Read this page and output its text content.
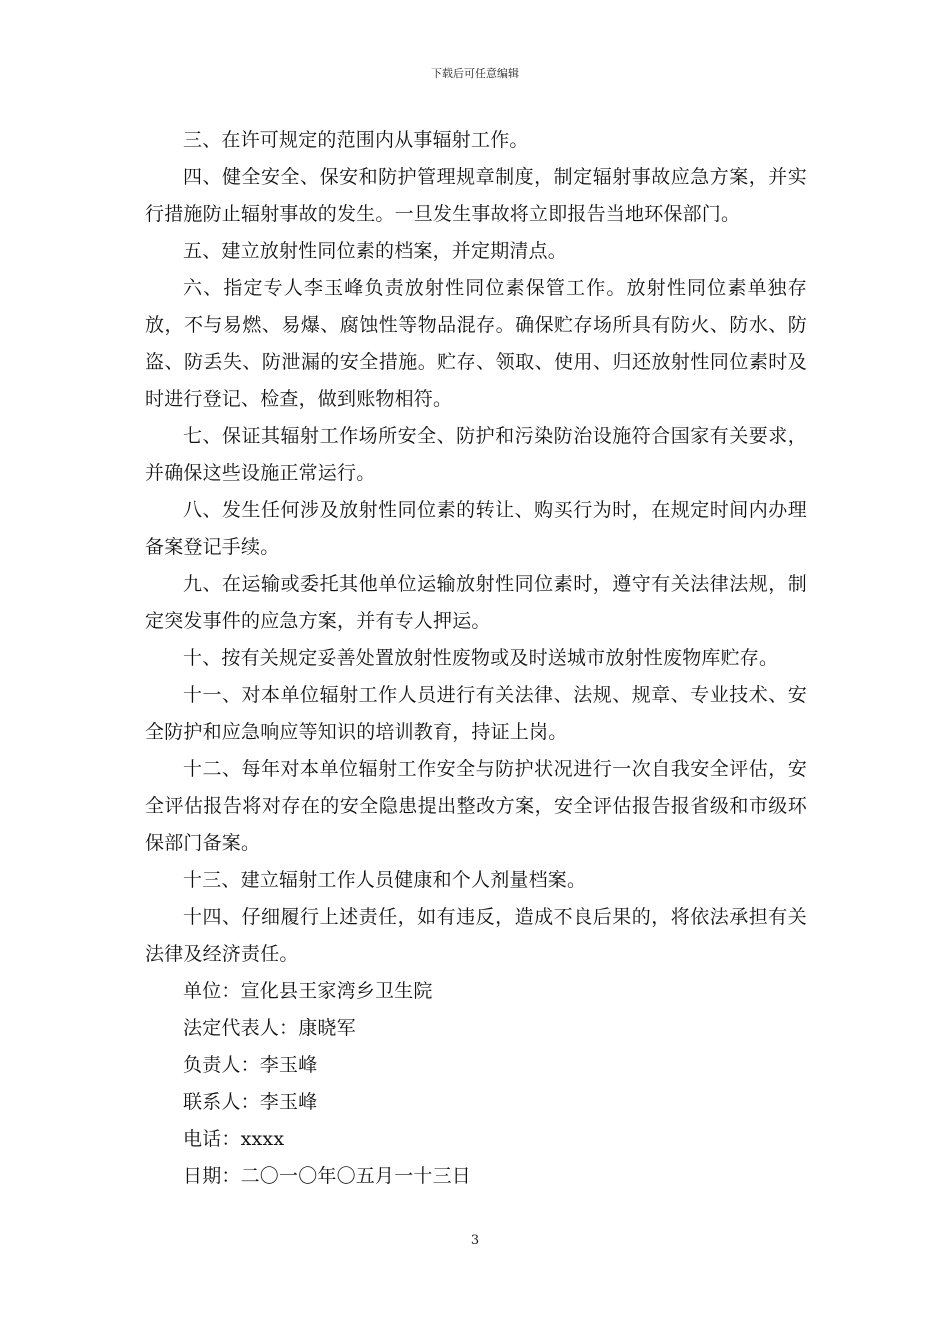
下载后可任意编辑

三、在许可规定的范围内从事辐射工作。

四、健全安全、保安和防护管理规章制度，制定辐射事故应急方案，并实行措施防止辐射事故的发生。一旦发生事故将立即报告当地环保部门。

五、建立放射性同位素的档案，并定期清点。

六、指定专人李玉峰负责放射性同位素保管工作。放射性同位素单独存放，不与易燃、易爆、腐蚀性等物品混存。确保贮存场所具有防火、防水、防盗、防丢失、防泄漏的安全措施。贮存、领取、使用、归还放射性同位素时及时进行登记、检查，做到账物相符。

七、保证其辐射工作场所安全、防护和污染防治设施符合国家有关要求，并确保这些设施正常运行。

八、发生任何涉及放射性同位素的转让、购买行为时，在规定时间内办理备案登记手续。

九、在运输或委托其他单位运输放射性同位素时，遵守有关法律法规，制定突发事件的应急方案，并有专人押运。

十、按有关规定妥善处置放射性废物或及时送城市放射性废物库贮存。

十一、对本单位辐射工作人员进行有关法律、法规、规章、专业技术、安全防护和应急响应等知识的培训教育，持证上岗。

十二、每年对本单位辐射工作安全与防护状况进行一次自我安全评估，安全评估报告将对存在的安全隐患提出整改方案，安全评估报告报省级和市级环保部门备案。

十三、建立辐射工作人员健康和个人剂量档案。

十四、仔细履行上述责任，如有违反，造成不良后果的，将依法承担有关法律及经济责任。

单位：宣化县王家湾乡卫生院

法定代表人：康晓军

负责人：李玉峰

联系人：李玉峰

电话：xxxx

日期：二〇一〇年〇五月一十三日

3
